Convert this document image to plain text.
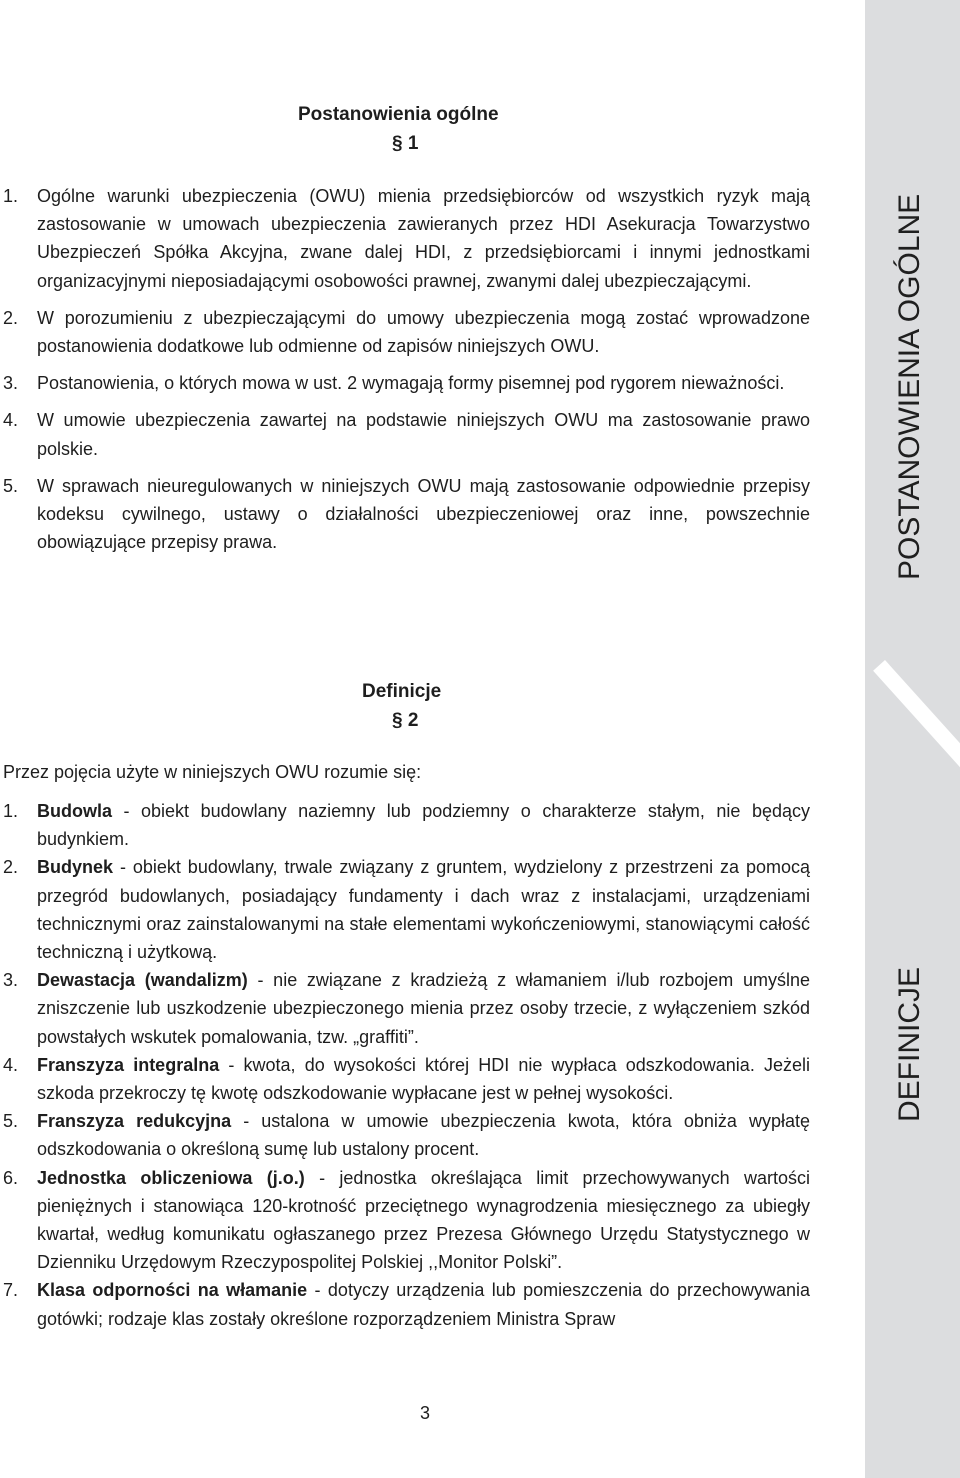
Postanowienia ogólne
§ 1
1. Ogólne warunki ubezpieczenia (OWU) mienia przedsiębiorców od wszystkich ryzyk mają zastosowanie w umowach ubezpieczenia zawieranych przez HDI Asekuracja Towarzystwo Ubezpieczeń Spółka Akcyjna, zwane dalej HDI, z przedsiębiorcami i innymi jednostkami organizacyjnymi nieposiadającymi osobowości prawnej, zwanymi dalej ubezpieczającymi.

2. W porozumieniu z ubezpieczającymi do umowy ubezpieczenia mogą zostać wprowadzone postanowienia dodatkowe lub odmienne od zapisów niniejszych OWU.

3. Postanowienia, o których mowa w ust. 2 wymagają formy pisemnej pod rygorem nieważności.

4. W umowie ubezpieczenia zawartej na podstawie niniejszych OWU ma zastosowanie prawo polskie.

5. W sprawach nieuregulowanych w niniejszych OWU mają zastosowanie odpowiednie przepisy kodeksu cywilnego, ustawy o działalności ubezpieczeniowej oraz inne, powszechnie obowiązujące przepisy prawa.

Definicje
§ 2
Przez pojęcia użyte w niniejszych OWU rozumie się:
1. Budowla - obiekt budowlany naziemny lub podziemny o charakterze stałym, nie będący budynkiem.

2. Budynek - obiekt budowlany, trwale związany z gruntem, wydzielony z przestrzeni za pomocą przegród budowlanych, posiadający fundamenty i dach wraz z instalacjami, urządzeniami technicznymi oraz zainstalowanymi na stałe elementami wykończeniowymi, stanowiącymi całość techniczną i użytkową.

3. Dewastacja (wandalizm) - nie związane z kradzieżą z włamaniem i/lub rozbojem umyślne zniszczenie lub uszkodzenie ubezpieczonego mienia przez osoby trzecie, z wyłączeniem szkód powstałych wskutek pomalowania, tzw. „graffiti”.

4. Franszyza integralna - kwota, do wysokości której HDI nie wypłaca odszkodowania. Jeżeli szkoda przekroczy tę kwotę odszkodowanie wypłacane jest w pełnej wysokości.

5. Franszyza redukcyjna - ustalona w umowie ubezpieczenia kwota, która obniża wypłatę odszkodowania o określoną sumę lub ustalony procent.

6. Jednostka obliczeniowa (j.o.) - jednostka określająca limit przechowywanych wartości pieniężnych i stanowiąca 120-krotność przeciętnego wynagrodzenia miesięcznego za ubiegły kwartał, według komunikatu ogłaszanego przez Prezesa Głównego Urzędu Statystycznego w Dzienniku Urzędowym Rzeczypospolitej Polskiej ,,Monitor Polski”.

7. Klasa odporności na włamanie - dotyczy urządzenia lub pomieszczenia do przechowywania gotówki; rodzaje klas zostały określone rozporządzeniem Ministra Spraw

3
POSTANOWIENIA OGÓLNE
DEFINICJE
